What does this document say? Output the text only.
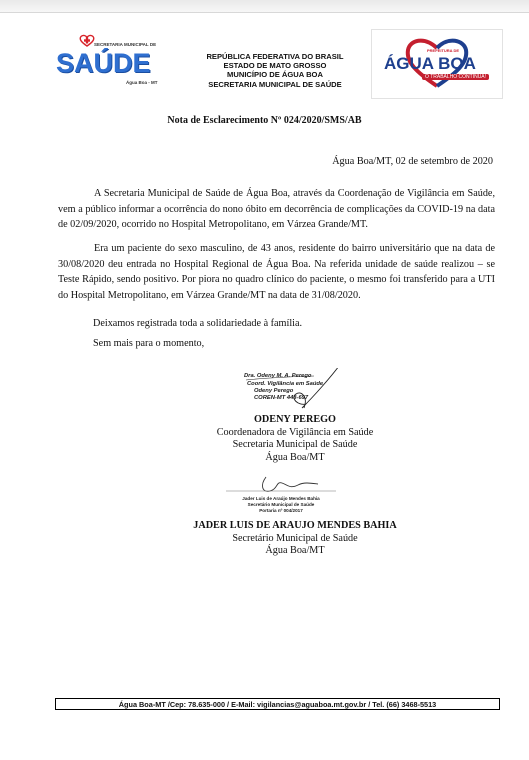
SECRETARIA MUNICIPAL DE
SAÚDE
Água Boa - MT
REPÚBLICA FEDERATIVA DO BRASIL
ESTADO DE MATO GROSSO
MUNICÍPIO DE ÁGUA BOA
SECRETARIA MUNICIPAL DE SAÚDE
PREFEITURA DE
ÁGUA BOA
O TRABALHO CONTINUA!
Nota de Esclarecimento Nº 024/2020/SMS/AB
Água Boa/MT, 02 de setembro de 2020
A Secretaria Municipal de Saúde de Água Boa, através da Coordenação de Vigilância em Saúde, vem a público informar a ocorrência do nono óbito em decorrência de complicações da COVID-19 na data de 02/09/2020, ocorrido no Hospital Metropolitano, em Várzea Grande/MT.
Era um paciente do sexo masculino, de 43 anos, residente do bairro universitário que na data de 30/08/2020 deu entrada no Hospital Regional de Água Boa. Na referida unidade de saúde realizou – se Teste Rápido, sendo positivo. Por piora no quadro clínico do paciente, o mesmo foi transferido para a UTI do Hospital Metropolitano, em Várzea Grande/MT na data de 31/08/2020.
Deixamos registrada toda a solidariedade à família.
Sem mais para o momento,
Dra. Odeny M. A. Perego
Coord. Vigilância em Saúde
Odeny Perego
COREN-MT 448-697
ODENY PEREGO
Coordenadora de Vigilância em Saúde
Secretaria Municipal de Saúde
Água Boa/MT
Jader Luis de Araújo Mendes Bahia
Secretário Municipal de Saúde
Portaria nº 004/2017
JADER LUIS DE ARAUJO MENDES BAHIA
Secretário Municipal de Saúde
Água Boa/MT
Água Boa-MT /Cep: 78.635-000 / E-Mail: vigilancias@aguaboa.mt.gov.br / Tel. (66) 3468-5513
